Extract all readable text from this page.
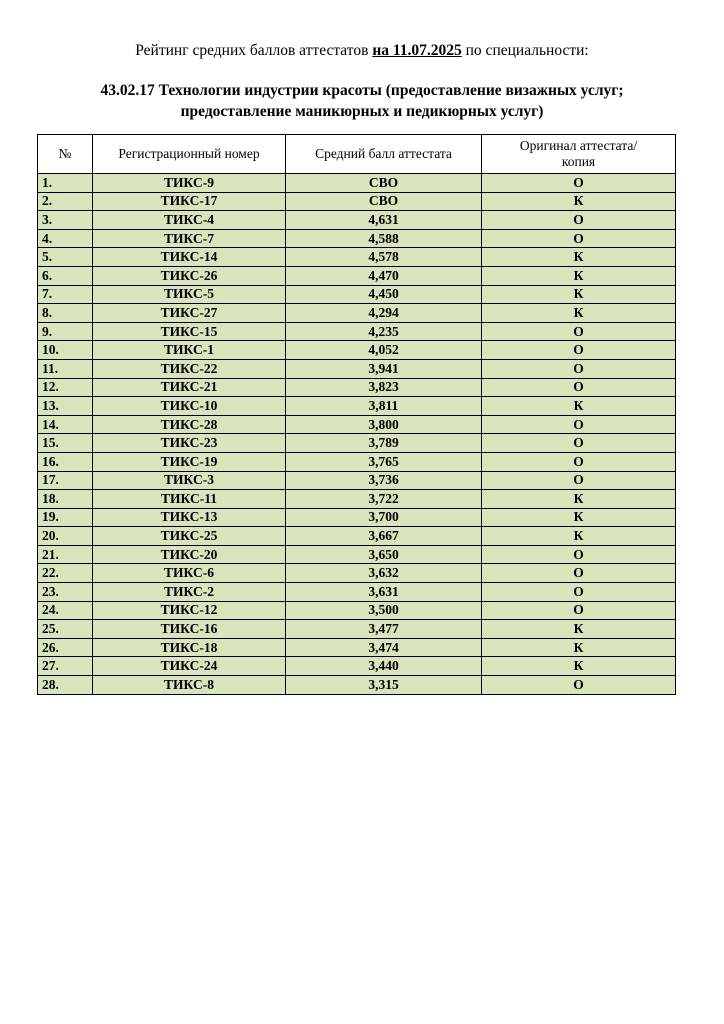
Рейтинг средних баллов аттестатов на 11.07.2025 по специальности:
43.02.17 Технологии индустрии красоты (предоставление визажных услуг;
предоставление маникюрных и педикюрных услуг)
№	Регистрационный номер	Средний балл аттестата	Оригинал аттестата/
копия

1.	ТИКС-9	СВО	О
2.	ТИКС-17	СВО	К
3.	ТИКС-4	4,631	О
4.	ТИКС-7	4,588	О
5.	ТИКС-14	4,578	К
6.	ТИКС-26	4,470	К
7.	ТИКС-5	4,450	К
8.	ТИКС-27	4,294	К
9.	ТИКС-15	4,235	О
10.	ТИКС-1	4,052	О
11.	ТИКС-22	3,941	О
12.	ТИКС-21	3,823	О
13.	ТИКС-10	3,811	К
14.	ТИКС-28	3,800	О
15.	ТИКС-23	3,789	О
16.	ТИКС-19	3,765	О
17.	ТИКС-3	3,736	О
18.	ТИКС-11	3,722	К
19.	ТИКС-13	3,700	К
20.	ТИКС-25	3,667	К
21.	ТИКС-20	3,650	О
22.	ТИКС-6	3,632	О
23.	ТИКС-2	3,631	О
24.	ТИКС-12	3,500	О
25.	ТИКС-16	3,477	К
26.	ТИКС-18	3,474	К
27.	ТИКС-24	3,440	К
28.	ТИКС-8	3,315	О
